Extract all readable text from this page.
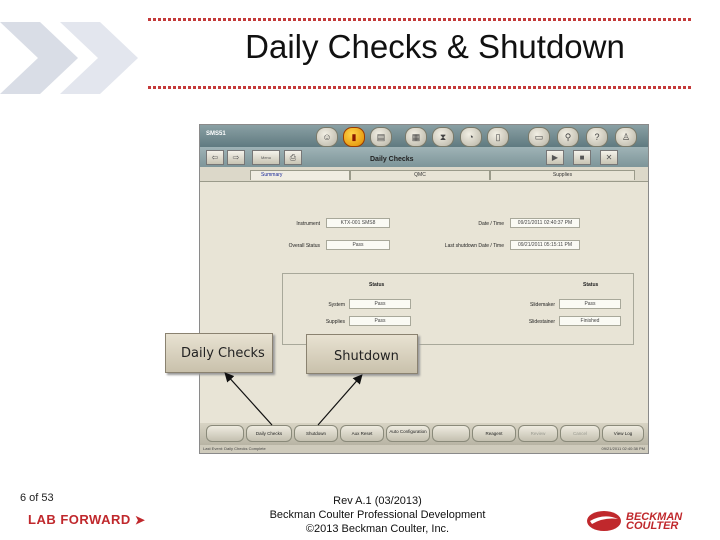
Daily Checks & Shutdown
SMS51	☺	▮	▤	▦	⧗	◔	▯	▭	⚲	?	♙
⇦	⇨	Menu	⎙	Daily Checks	▶	■	✕
Summary	QMC	Supplies
Instrument	KTX-001 SMS8	Date / Time	09/21/2011 02:40:37 PM
Overall Status	Pass	Last shutdown Date / Time	09/21/2011 05:15:11 PM
Status	Status
System	Pass
Supplies	Pass
Slidemaker	Pass
Slidestainer	Finished
Daily Checks	Shutdown	Aux Reset	Auto Configuration	Reagent	Review	Cancel	View Log
Last Event: Daily Checks Complete	09/21/2011 02:40:38 PM
Daily Checks	Shutdown
6 of 53
LAB FORWARD ➤
Rev A.1 (03/2013)
Beckman Coulter Professional Development
©2013 Beckman Coulter, Inc.
BECKMAN
COULTER
